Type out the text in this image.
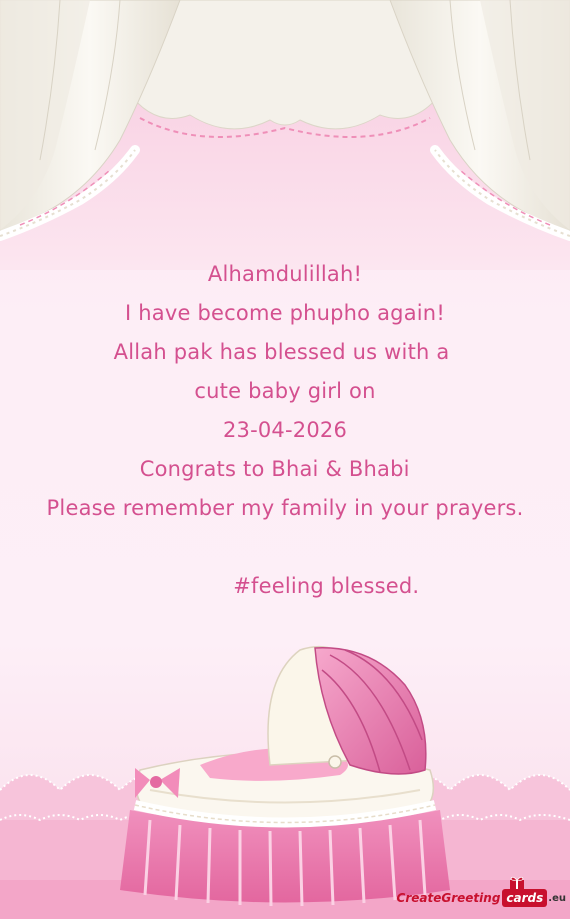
Alhamdulillah!
I have become phupho again!
Allah pak has blessed us with a
cute baby girl on
23-04-2026
Congrats to Bhai & Bhabi
Please remember my family in your prayers.
#feeling blessed.
CreateGreeting cards .eu
